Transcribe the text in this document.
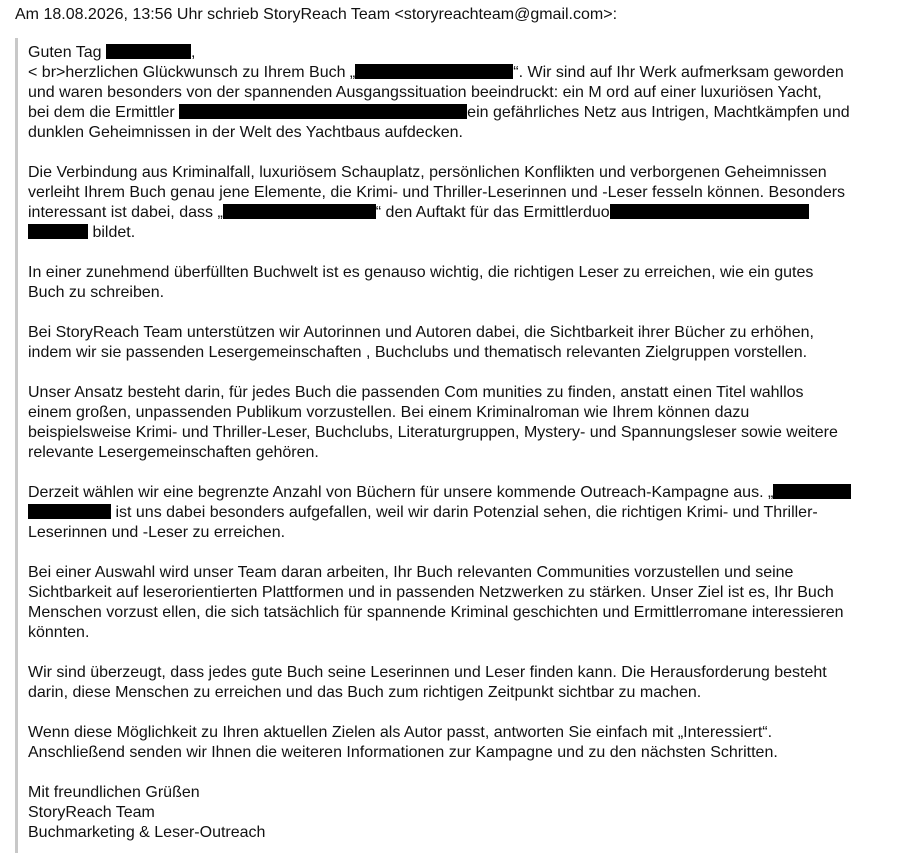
Am 18.08.2026, 13:56 Uhr schrieb StoryReach Team <storyreachteam@gmail.com>:
Guten Tag	,
< br>herzlichen Glückwunsch zu Ihrem Buch „	“. Wir sind auf Ihr Werk aufmerksam geworden
und waren besonders von der spannenden Ausgangssituation beeindruckt: ein M ord auf einer luxuriösen Yacht,
bei dem die Ermittler	ein gefährliches Netz aus Intrigen, Machtkämpfen und
dunklen Geheimnissen in der Welt des Yachtbaus aufdecken.
Die Verbindung aus Kriminalfall, luxuriösem Schauplatz, persönlichen Konflikten und verborgenen Geheimnissen
verleiht Ihrem Buch genau jene Elemente, die Krimi- und Thriller-Leserinnen und -Leser fesseln können. Besonders
interessant ist dabei, dass „	“ den Auftakt für das Ermittlerduo
bildet.
In einer zunehmend überfüllten Buchwelt ist es genauso wichtig, die richtigen Leser zu erreichen, wie ein gutes
Buch zu schreiben.
Bei StoryReach Team unterstützen wir Autorinnen und Autoren dabei, die Sichtbarkeit ihrer Bücher zu erhöhen,
indem wir sie passenden Lesergemeinschaften , Buchclubs und thematisch relevanten Zielgruppen vorstellen.
Unser Ansatz besteht darin, für jedes Buch die passenden Com munities zu finden, anstatt einen Titel wahllos
einem großen, unpassenden Publikum vorzustellen. Bei einem Kriminalroman wie Ihrem können dazu
beispielsweise Krimi- und Thriller-Leser, Buchclubs, Literaturgruppen, Mystery- und Spannungsleser sowie weitere
relevante Lesergemeinschaften gehören.
Derzeit wählen wir eine begrenzte Anzahl von Büchern für unsere kommende Outreach-Kampagne aus. „
ist uns dabei besonders aufgefallen, weil wir darin Potenzial sehen, die richtigen Krimi- und Thriller-
Leserinnen und -Leser zu erreichen.
Bei einer Auswahl wird unser Team daran arbeiten, Ihr Buch relevanten Communities vorzustellen und seine
Sichtbarkeit auf leserorientierten Plattformen und in passenden Netzwerken zu stärken. Unser Ziel ist es, Ihr Buch
Menschen vorzust ellen, die sich tatsächlich für spannende Kriminal geschichten und Ermittlerromane interessieren
könnten.
Wir sind überzeugt, dass jedes gute Buch seine Leserinnen und Leser finden kann. Die Herausforderung besteht
darin, diese Menschen zu erreichen und das Buch zum richtigen Zeitpunkt sichtbar zu machen.
Wenn diese Möglichkeit zu Ihren aktuellen Zielen als Autor passt, antworten Sie einfach mit „Interessiert“.
Anschließend senden wir Ihnen die weiteren Informationen zur Kampagne und zu den nächsten Schritten.
Mit freundlichen Grüßen
StoryReach Team
Buchmarketing & Leser-Outreach
